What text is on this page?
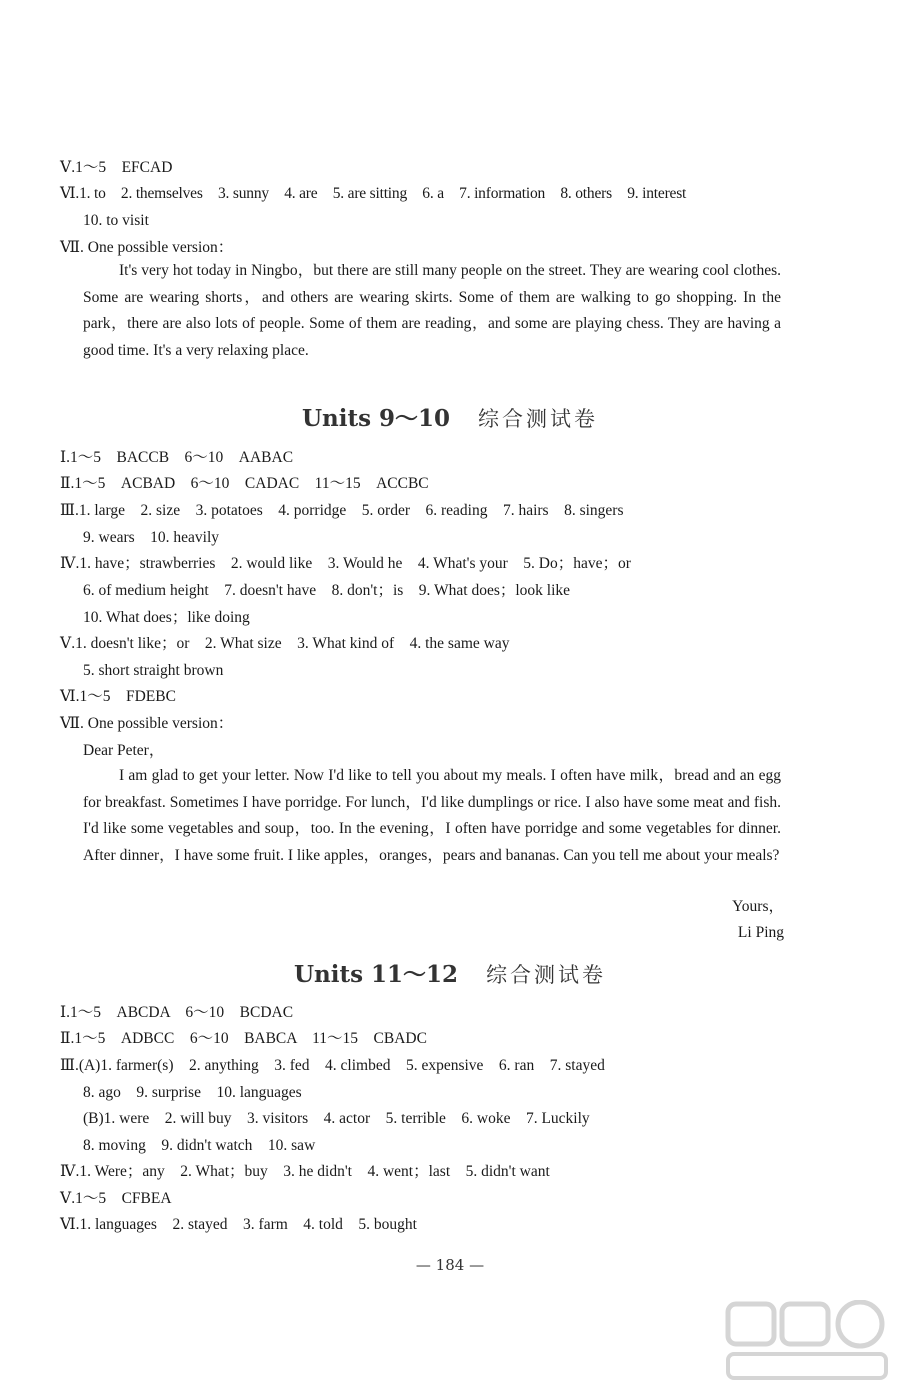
Ⅴ.1～5　EFCAD
Ⅵ.1. to　2. themselves　3. sunny　4. are　5. are sitting　6. a　7. information　8. others　9. interest
10. to visit
Ⅶ. One possible version：
It's very hot today in Ningbo，but there are still many people on the street. They are wearing cool clothes. Some are wearing shorts，and others are wearing skirts. Some of them are walking to go shopping. In the park，there are also lots of people. Some of them are reading，and some are playing chess. They are having a good time. It's a very relaxing place.
Units 9～10 综合测试卷
Ⅰ.1～5　BACCB　6～10　AABAC
Ⅱ.1～5　ACBAD　6～10　CADAC　11～15　ACCBC
Ⅲ.1. large　2. size　3. potatoes　4. porridge　5. order　6. reading　7. hairs　8. singers
9. wears　10. heavily
Ⅳ.1. have；strawberries　2. would like　3. Would he　4. What's your　5. Do；have；or
6. of medium height　7. doesn't have　8. don't；is　9. What does；look like
10. What does；like doing
Ⅴ.1. doesn't like；or　2. What size　3. What kind of　4. the same way
5. short straight brown
Ⅵ.1～5　FDEBC
Ⅶ. One possible version：
Dear Peter，
I am glad to get your letter. Now I'd like to tell you about my meals. I often have milk，bread and an egg for breakfast. Sometimes I have porridge. For lunch，I'd like dumplings or rice. I also have some meat and fish. I'd like some vegetables and soup，too. In the evening，I often have porridge and some vegetables for dinner. After dinner，I have some fruit. I like apples，oranges，pears and bananas. Can you tell me about your meals?
Yours，
Li Ping
Units 11～12 综合测试卷
Ⅰ.1～5　ABCDA　6～10　BCDAC
Ⅱ.1～5　ADBCC　6～10　BABCA　11～15　CBADC
Ⅲ.(A)1. farmer(s)　2. anything　3. fed　4. climbed　5. expensive　6. ran　7. stayed
8. ago　9. surprise　10. languages
(B)1. were　2. will buy　3. visitors　4. actor　5. terrible　6. woke　7. Luckily
8. moving　9. didn't watch　10. saw
Ⅳ.1. Were；any　2. What；buy　3. he didn't　4. went；last　5. didn't want
Ⅴ.1～5　CFBEA
Ⅵ.1. languages　2. stayed　3. farm　4. told　5. bought
— 184 —
